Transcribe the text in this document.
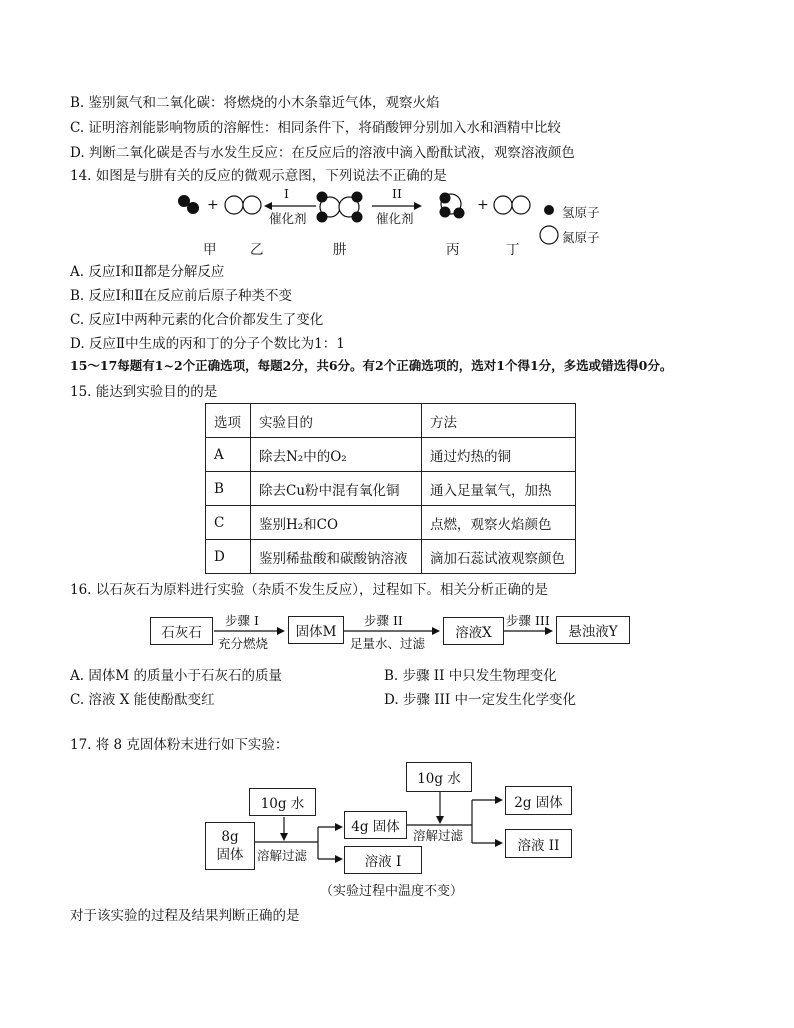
B. 鉴别氮气和二氧化碳：将燃烧的小木条靠近气体，观察火焰
C. 证明溶剂能影响物质的溶解性：相同条件下，将硝酸钾分别加入水和酒精中比较
D. 判断二氧化碳是否与水发生反应：在反应后的溶液中滴入酚酞试液，观察溶液颜色
14. 如图是与肼有关的反应的微观示意图，下列说法不正确的是
+
I
催化剂
II
催化剂
+	氢原子
氮原子
甲 乙	肼	丙	丁
A. 反应I和Ⅱ都是分解反应
B. 反应I和Ⅱ在反应前后原子种类不变
C. 反应I中两种元素的化合价都发生了变化
D. 反应Ⅱ中生成的丙和丁的分子个数比为1：1
15～17每题有1~2个正确选项，每题2分，共6分。有2个正确选项的，选对1个得1分，多选或错选得0分。
15. 能达到实验目的的是
选项	实验目的	方法
A	除去N₂中的O₂	通过灼热的铜
B	除去Cu粉中混有氧化铜	通入足量氧气，加热
C	鉴别H₂和CO	点燃，观察火焰颜色
D	鉴别稀盐酸和碳酸钠溶液	滴加石蕊试液观察颜色
16. 以石灰石为原料进行实验（杂质不发生反应），过程如下。相关分析正确的是
石灰石	固体M	溶液X	悬浊液Y
步骤 I
充分燃烧
步骤 II
足量水、过滤
步骤 III
A. 固体M 的质量小于石灰石的质量	B. 步骤 II 中只发生物理变化
C. 溶液 X 能使酚酞变红	D. 步骤 III 中一定发生化学变化
17. 将 8 克固体粉末进行如下实验：
10g 水
8g
固体 溶解过滤
4g 固体
溶液 I
10g 水
溶解过滤
2g 固体
溶液 II
（实验过程中温度不变）
对于该实验的过程及结果判断正确的是
